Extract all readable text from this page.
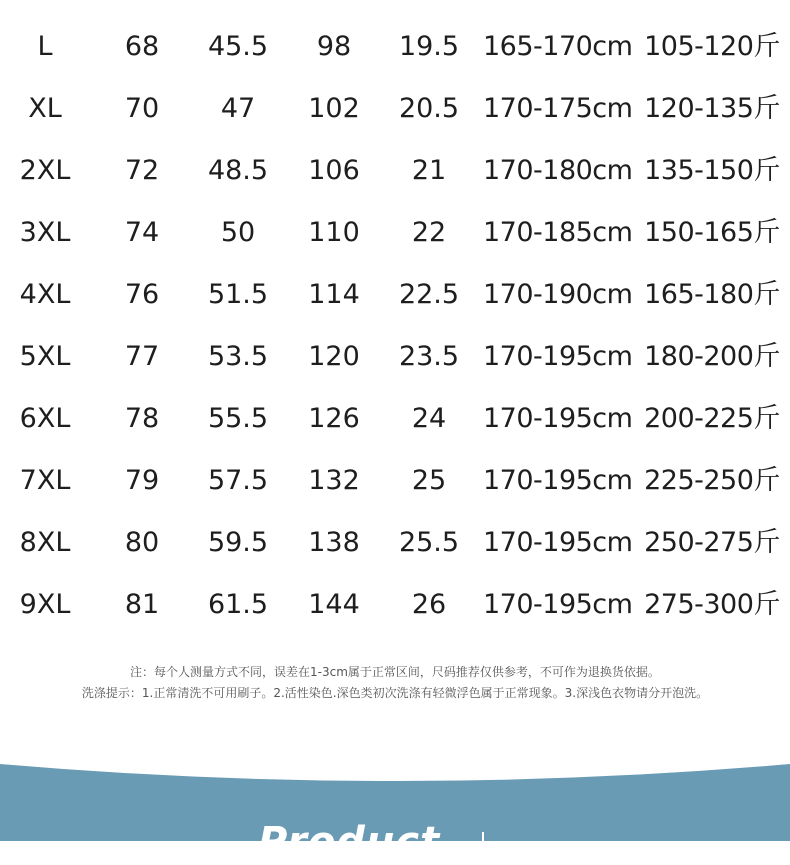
L	68	45.5	98	19.5 165-170cm 105-120斤
XL	70	47	102	20.5 170-175cm 120-135斤
2XL	72	48.5	106	21	170-180cm 135-150斤
3XL	74	50	110	22	170-185cm 150-165斤
4XL	76	51.5	114	22.5 170-190cm 165-180斤
5XL	77	53.5	120	23.5 170-195cm 180-200斤
6XL	78	55.5	126	24	170-195cm 200-225斤
7XL	79	57.5	132	25	170-195cm 225-250斤
8XL	80	59.5	138	25.5 170-195cm 250-275斤
9XL	81	61.5	144	26	170-195cm 275-300斤
注：每个人测量方式不同，误差在1-3cm属于正常区间，尺码推荐仅供参考，不可作为退换货依据。
洗涤提示：1.正常清洗不可用刷子。2.活性染色.深色类初次洗涤有轻微浮色属于正常现象。3.深浅色衣物请分开泡洗。
Product
